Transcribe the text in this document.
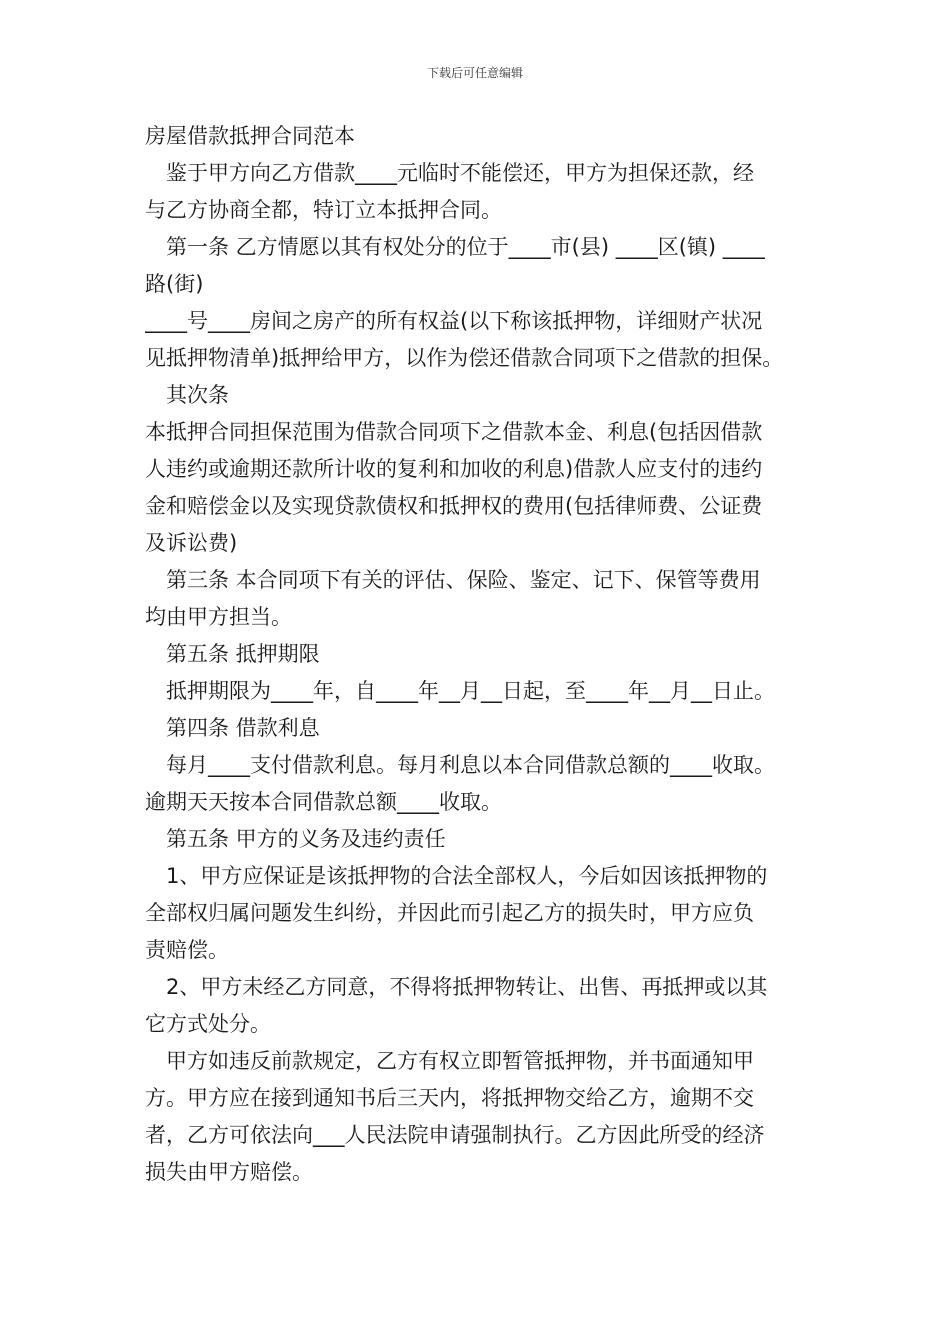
下载后可任意编辑
房屋借款抵押合同范本
鉴于甲方向乙方借款____元临时不能偿还，甲方为担保还款，经
与乙方协商全都，特订立本抵押合同。
第一条 乙方情愿以其有权处分的位于____市(县) ____区(镇) ____
路(街)
____号____房间之房产的所有权益(以下称该抵押物，详细财产状况
见抵押物清单)抵押给甲方，以作为偿还借款合同项下之借款的担保。
其次条
本抵押合同担保范围为借款合同项下之借款本金、利息(包括因借款
人违约或逾期还款所计收的复利和加收的利息)借款人应支付的违约
金和赔偿金以及实现贷款债权和抵押权的费用(包括律师费、公证费
及诉讼费)
第三条 本合同项下有关的评估、保险、鉴定、记下、保管等费用
均由甲方担当。
第五条 抵押期限
抵押期限为____年，自____年__月__日起，至____年__月__日止。
第四条 借款利息
每月____支付借款利息。每月利息以本合同借款总额的____收取。
逾期天天按本合同借款总额____收取。
第五条 甲方的义务及违约责任
1、甲方应保证是该抵押物的合法全部权人，今后如因该抵押物的
全部权归属问题发生纠纷，并因此而引起乙方的损失时，甲方应负
责赔偿。
2、甲方未经乙方同意，不得将抵押物转让、出售、再抵押或以其
它方式处分。
甲方如违反前款规定，乙方有权立即暂管抵押物，并书面通知甲
方。甲方应在接到通知书后三天内，将抵押物交给乙方，逾期不交
者，乙方可依法向___人民法院申请强制执行。乙方因此所受的经济
损失由甲方赔偿。
